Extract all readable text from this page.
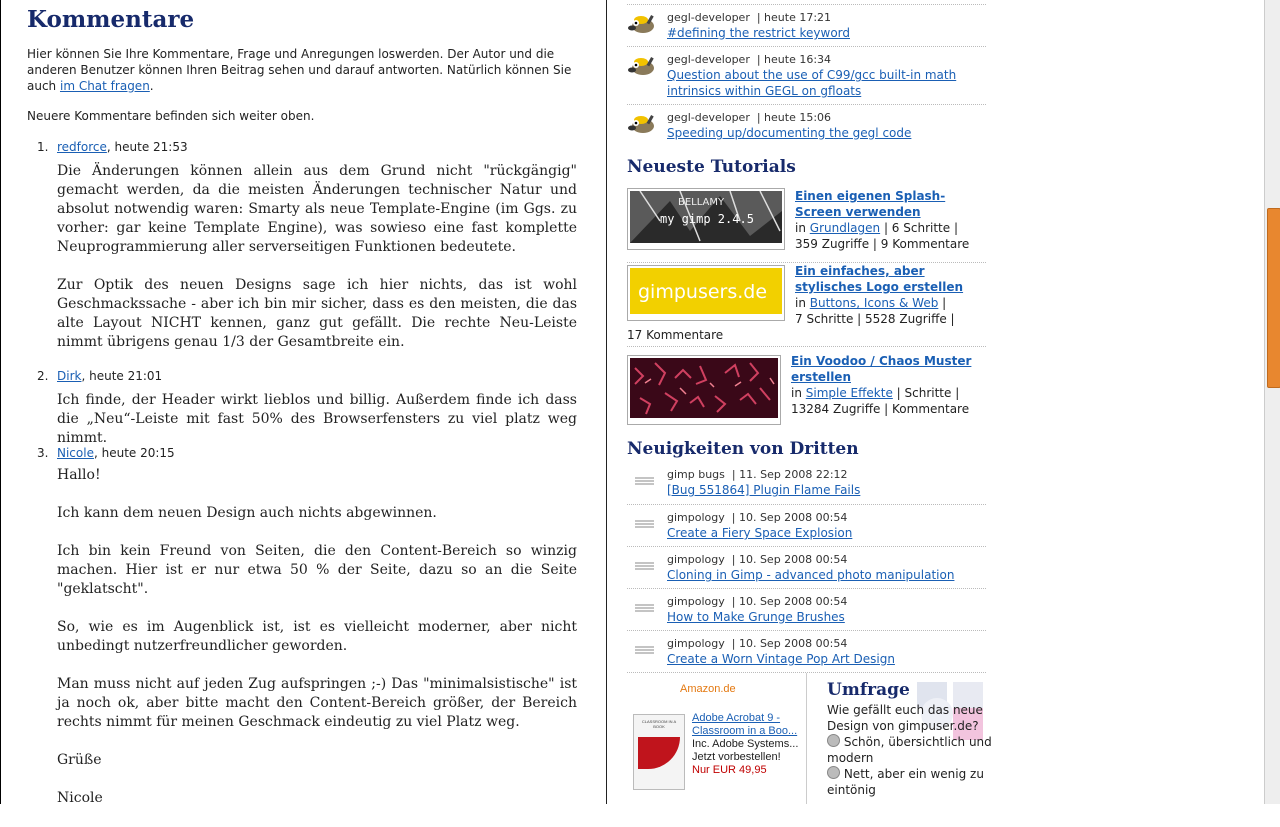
Kommentare
Hier können Sie Ihre Kommentare, Frage und Anregungen loswerden. Der Autor und die anderen Benutzer können Ihren Beitrag sehen und darauf antworten. Natürlich können Sie auch im Chat fragen.
Neuere Kommentare befinden sich weiter oben.
1. redforce, heute 21:53

Die Änderungen können allein aus dem Grund nicht "rückgängig" gemacht werden, da die meisten Änderungen technischer Natur und absolut notwendig waren: Smarty als neue Template-Engine (im Ggs. zu vorher: gar keine Template Engine), was sowieso eine fast komplette Neuprogrammierung aller serverseitigen Funktionen bedeutete.

Zur Optik des neuen Designs sage ich hier nichts, das ist wohl Geschmackssache - aber ich bin mir sicher, dass es den meisten, die das alte Layout NICHT kennen, ganz gut gefällt. Die rechte Neu-Leiste nimmt übrigens genau 1/3 der Gesamtbreite ein.

2. Dirk, heute 21:01

Ich finde, der Header wirkt lieblos und billig. Außerdem finde ich dass die „Neu“-Leiste mit fast 50% des Browserfensters zu viel platz weg nimmt.

3. Nicole, heute 20:15

Hallo!

Ich kann dem neuen Design auch nichts abgewinnen.

Ich bin kein Freund von Seiten, die den Content-Bereich so winzig machen. Hier ist er nur etwa 50 % der Seite, dazu so an die Seite "geklatscht".

So, wie es im Augenblick ist, ist es vielleicht moderner, aber nicht unbedingt nutzerfreundlicher geworden.

Man muss nicht auf jeden Zug aufspringen ;-) Das "minimalsistische" ist ja noch ok, aber bitte macht den Content-Bereich größer, der Bereich rechts nimmt für meinen Geschmack eindeutig zu viel Platz weg.

Grüße

Nicole

gegl-developer  | heute 17:21
#defining the restrict keyword
gegl-developer  | heute 16:34
Question about the use of C99/gcc built-in math intrinsics within GEGL on gfloats
gegl-developer  | heute 15:06
Speeding up/documenting the gegl code
Neueste Tutorials
BELLAMY
my gimp 2.4.5
Einen eigenen Splash-Screen verwenden
in Grundlagen | 6 Schritte |
359 Zugriffe | 9 Kommentare
gimpusers.de
Ein einfaches, aber stylisches Logo erstellen
in Buttons, Icons & Web |
7 Schritte | 5528 Zugriffe |
17 Kommentare
Ein Voodoo / Chaos Muster erstellen
in Simple Effekte | Schritte |
13284 Zugriffe | Kommentare
Neuigkeiten von Dritten
gimp bugs  | 11. Sep 2008 22:12
[Bug 551864] Plugin Flame Fails
gimpology  | 10. Sep 2008 00:54
Create a Fiery Space Explosion
gimpology  | 10. Sep 2008 00:54
Cloning in Gimp - advanced photo manipulation
gimpology  | 10. Sep 2008 00:54
How to Make Grunge Brushes
gimpology  | 10. Sep 2008 00:54
Create a Worn Vintage Pop Art Design
Amazon.de
CLASSROOM IN A BOOK
Adobe Acrobat 9 - Classroom in a Boo...
Inc. Adobe Systems...
Jetzt vorbestellen!
Nur EUR 49,95
Umfrage
Wie gefällt euch das neue Design von gimpuser.de?
Schön, übersichtlich und modern
Nett, aber ein wenig zu eintönig
